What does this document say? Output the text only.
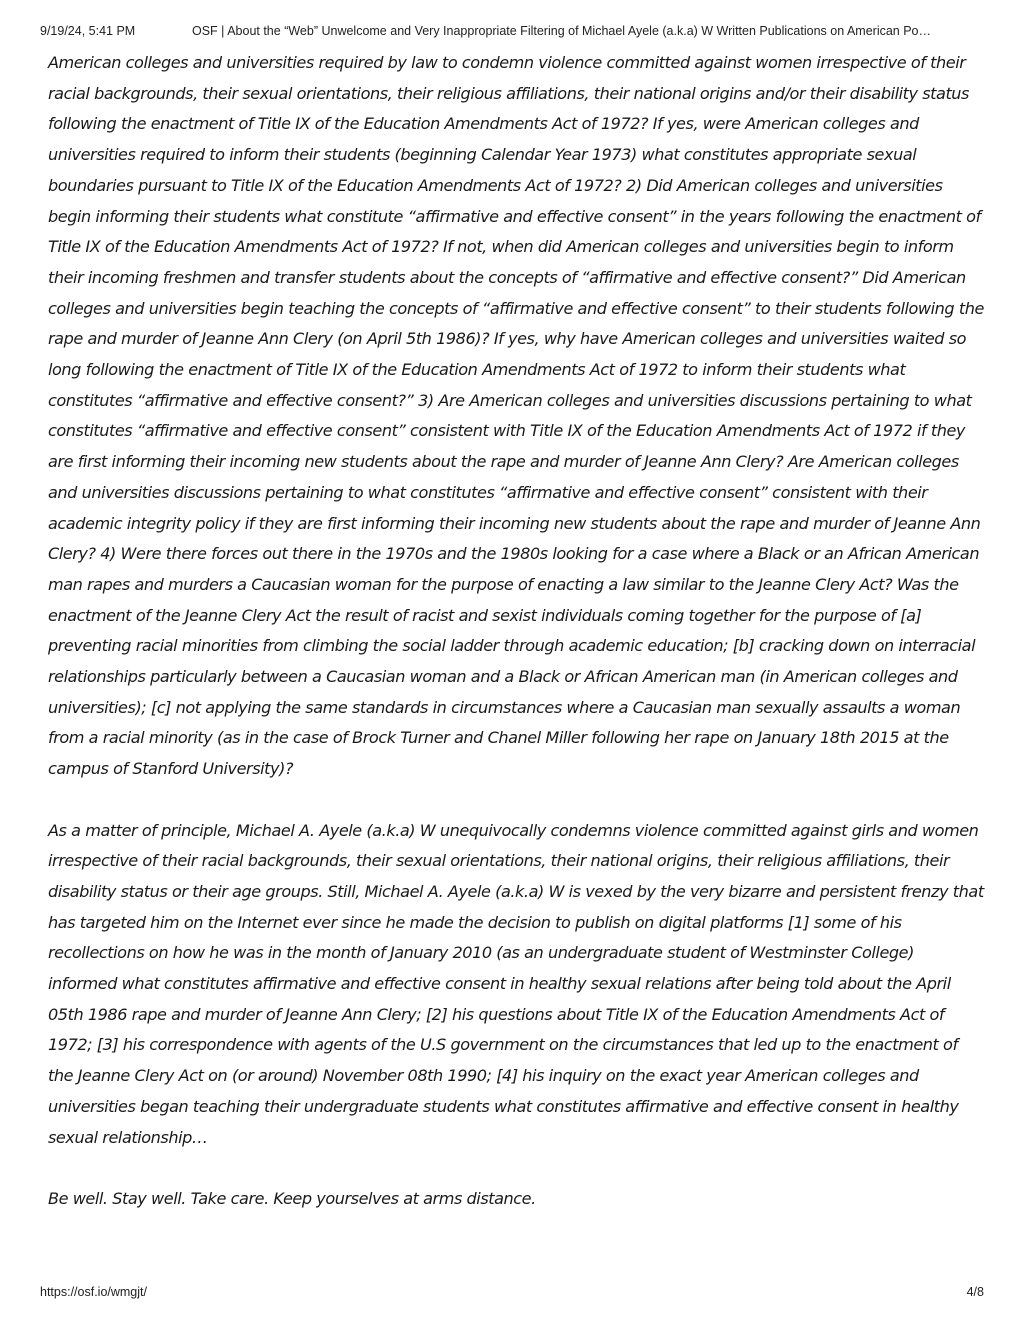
9/19/24, 5:41 PM	OSF | About the “Web” Unwelcome and Very Inappropriate Filtering of Michael Ayele (a.k.a) W Written Publications on American Po…

American colleges and universities required by law to condemn violence committed against women irrespective of their racial backgrounds, their sexual orientations, their religious affiliations, their national origins and/or their disability status following the enactment of Title IX of the Education Amendments Act of 1972? If yes, were American colleges and universities required to inform their students (beginning Calendar Year 1973) what constitutes appropriate sexual boundaries pursuant to Title IX of the Education Amendments Act of 1972? 2) Did American colleges and universities begin informing their students what constitute “affirmative and effective consent” in the years following the enactment of Title IX of the Education Amendments Act of 1972? If not, when did American colleges and universities begin to inform their incoming freshmen and transfer students about the concepts of “affirmative and effective consent?” Did American colleges and universities begin teaching the concepts of “affirmative and effective consent” to their students following the rape and murder of Jeanne Ann Clery (on April 5th 1986)? If yes, why have American colleges and universities waited so long following the enactment of Title IX of the Education Amendments Act of 1972 to inform their students what constitutes “affirmative and effective consent?” 3) Are American colleges and universities discussions pertaining to what constitutes “affirmative and effective consent” consistent with Title IX of the Education Amendments Act of 1972 if they are first informing their incoming new students about the rape and murder of Jeanne Ann Clery? Are American colleges and universities discussions pertaining to what constitutes “affirmative and effective consent” consistent with their academic integrity policy if they are first informing their incoming new students about the rape and murder of Jeanne Ann Clery? 4) Were there forces out there in the 1970s and the 1980s looking for a case where a Black or an African American man rapes and murders a Caucasian woman for the purpose of enacting a law similar to the Jeanne Clery Act? Was the enactment of the Jeanne Clery Act the result of racist and sexist individuals coming together for the purpose of [a] preventing racial minorities from climbing the social ladder through academic education; [b] cracking down on interracial relationships particularly between a Caucasian woman and a Black or African American man (in American colleges and universities); [c] not applying the same standards in circumstances where a Caucasian man sexually assaults a woman from a racial minority (as in the case of Brock Turner and Chanel Miller following her rape on January 18th 2015 at the campus of Stanford University)?

As a matter of principle, Michael A. Ayele (a.k.a) W unequivocally condemns violence committed against girls and women irrespective of their racial backgrounds, their sexual orientations, their national origins, their religious affiliations, their disability status or their age groups. Still, Michael A. Ayele (a.k.a) W is vexed by the very bizarre and persistent frenzy that has targeted him on the Internet ever since he made the decision to publish on digital platforms [1] some of his recollections on how he was in the month of January 2010 (as an undergraduate student of Westminster College) informed what constitutes affirmative and effective consent in healthy sexual relations after being told about the April 05th 1986 rape and murder of Jeanne Ann Clery; [2] his questions about Title IX of the Education Amendments Act of 1972; [3] his correspondence with agents of the U.S government on the circumstances that led up to the enactment of the Jeanne Clery Act on (or around) November 08th 1990; [4] his inquiry on the exact year American colleges and universities began teaching their undergraduate students what constitutes affirmative and effective consent in healthy sexual relationship…

Be well. Stay well. Take care. Keep yourselves at arms distance.

https://osf.io/wmgjt/	4/8
